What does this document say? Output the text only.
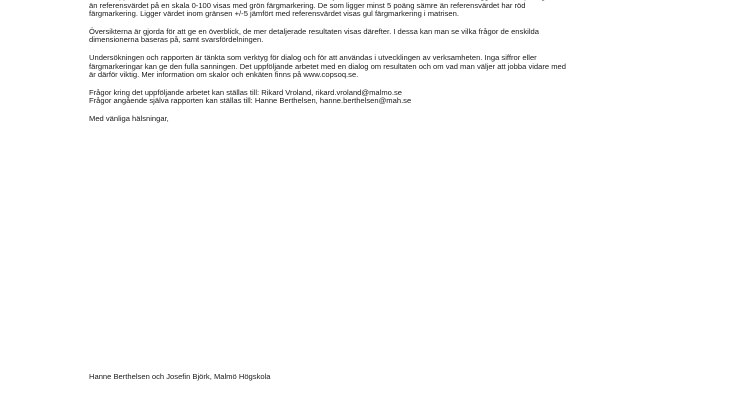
än referensvärdet på en skala 0-100 visas med grön färgmarkering. De som ligger minst 5 poäng sämre än referensvärdet har röd
färgmarkering. Ligger värdet inom gränsen +/-5 jämfört med referensvärdet visas gul färgmarkering i matrisen.

Översikterna är gjorda för att ge en överblick, de mer detaljerade resultaten visas därefter. I dessa kan man se vilka frågor de enskilda
dimensionerna baseras på, samt svarsfördelningen.

Undersökningen och rapporten är tänkta som verktyg för dialog och för att användas i utvecklingen av verksamheten. Inga siffror eller
färgmarkeringar kan ge den fulla sanningen. Det uppföljande arbetet med en dialog om resultaten och om vad man väljer att jobba vidare med
är därför viktig. Mer information om skalor och enkäten finns på www.copsoq.se.

Frågor kring det uppföljande arbetet kan ställas till: Rikard Vroland, rikard.vroland@malmo.se
Frågor angående själva rapporten kan ställas till: Hanne Berthelsen, hanne.berthelsen@mah.se

Med vänliga hälsningar,

Hanne Berthelsen och Josefin Björk, Malmö Högskola
